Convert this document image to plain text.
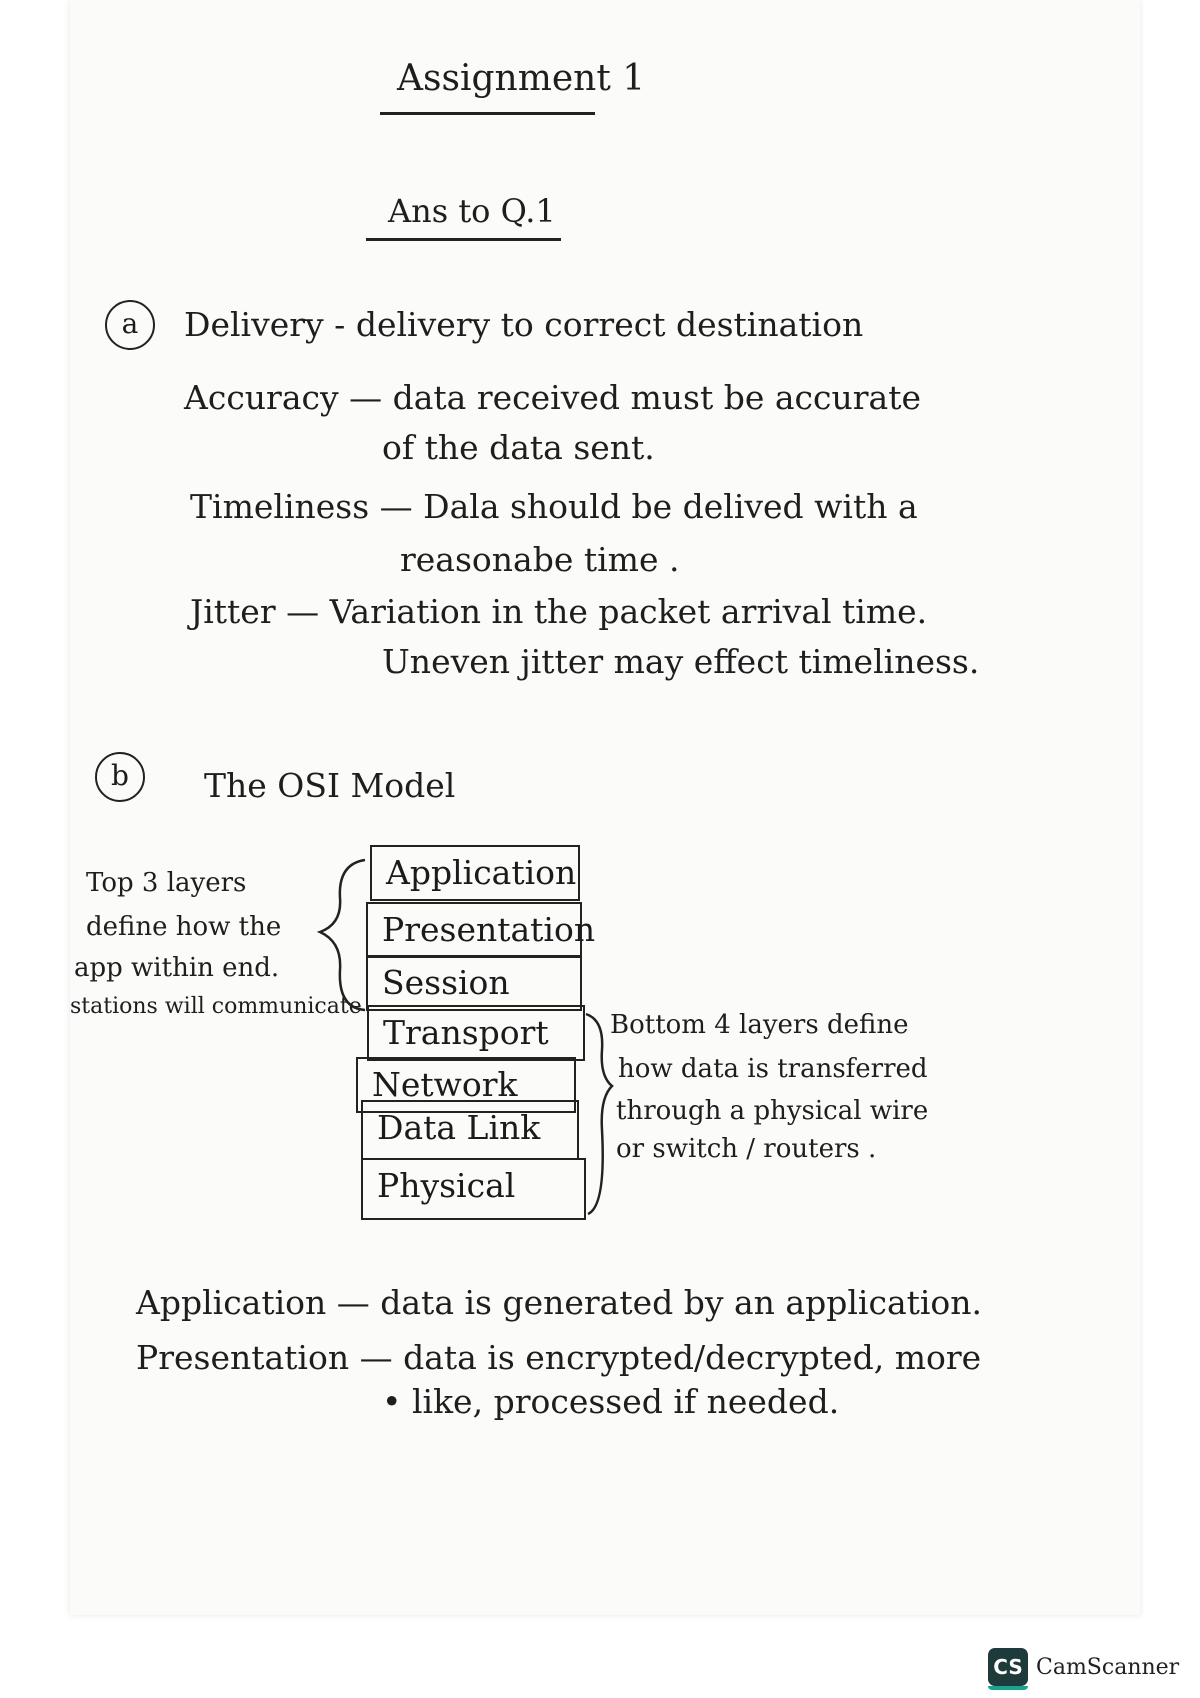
Assignment 1
Ans to Q.1
a	Delivery - delivery to correct destination
Accuracy — data received must be accurate
of the data sent.
Timeliness — Dala should be delived with a
reasonabe time .
Jitter — Variation in the packet arrival time.
Uneven jitter may effect timeliness.
b	The OSI Model
Top 3 layers
define how the
app within end.
stations will communicate
Application
Presentation
Session
Transport
Network
Data Link
Physical
Bottom 4 layers define
how data is transferred
through a physical wire
or switch / routers .
Application — data is generated by an application.
Presentation — data is encrypted/decrypted, more
• like, processed if needed.
CS CamScanner
